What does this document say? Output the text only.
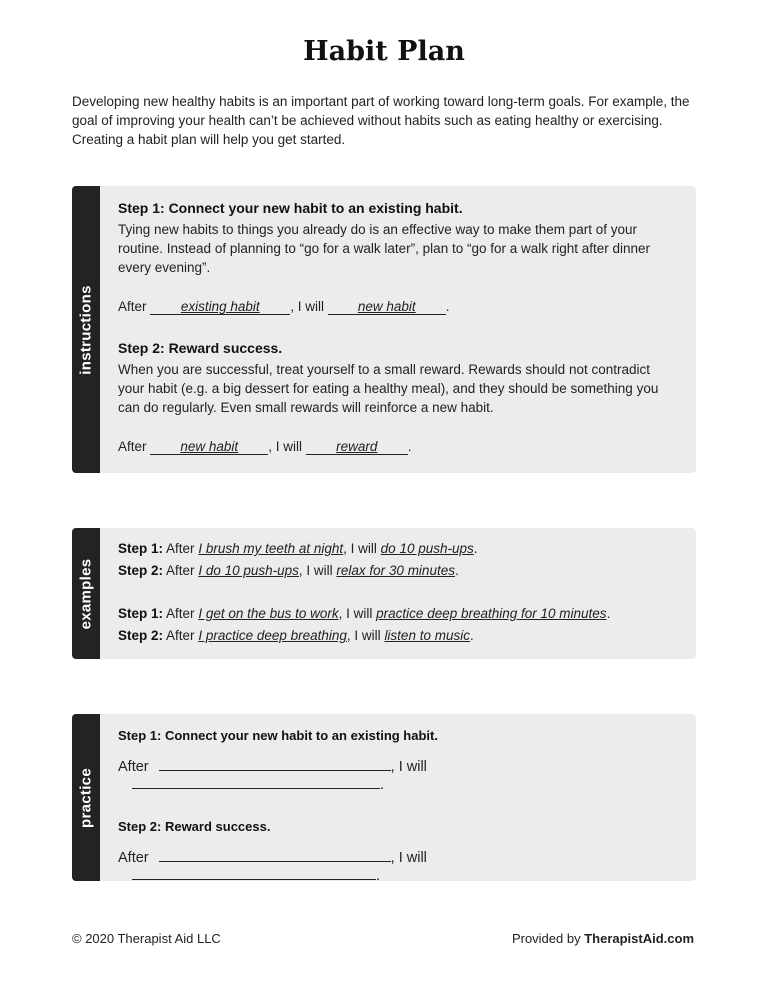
Habit Plan
Developing new healthy habits is an important part of working toward long-term goals. For example, the goal of improving your health can’t be achieved without habits such as eating healthy or exercising. Creating a habit plan will help you get started.
instructions
Step 1: Connect your new habit to an existing habit.
Tying new habits to things you already do is an effective way to make them part of your routine. Instead of planning to “go for a walk later”, plan to “go for a walk right after dinner every evening”.
After	existing habit , I will	new habit .
Step 2: Reward success.
When you are successful, treat yourself to a small reward. Rewards should not contradict your habit (e.g. a big dessert for eating a healthy meal), and they should be something you can do regularly. Even small rewards will reinforce a new habit.
After	new habit , I will	reward .
examples
Step 1: After I brush my teeth at night, I will do 10 push-ups.
Step 2: After I do 10 push-ups, I will relax for 30 minutes.
Step 1: After I get on the bus to work, I will practice deep breathing for 10 minutes.
Step 2: After I practice deep breathing, I will listen to music.
practice
Step 1: Connect your new habit to an existing habit.
After	, I will .
Step 2: Reward success.
After	, I will .
© 2020 Therapist Aid LLC	Provided by TherapistAid.com
